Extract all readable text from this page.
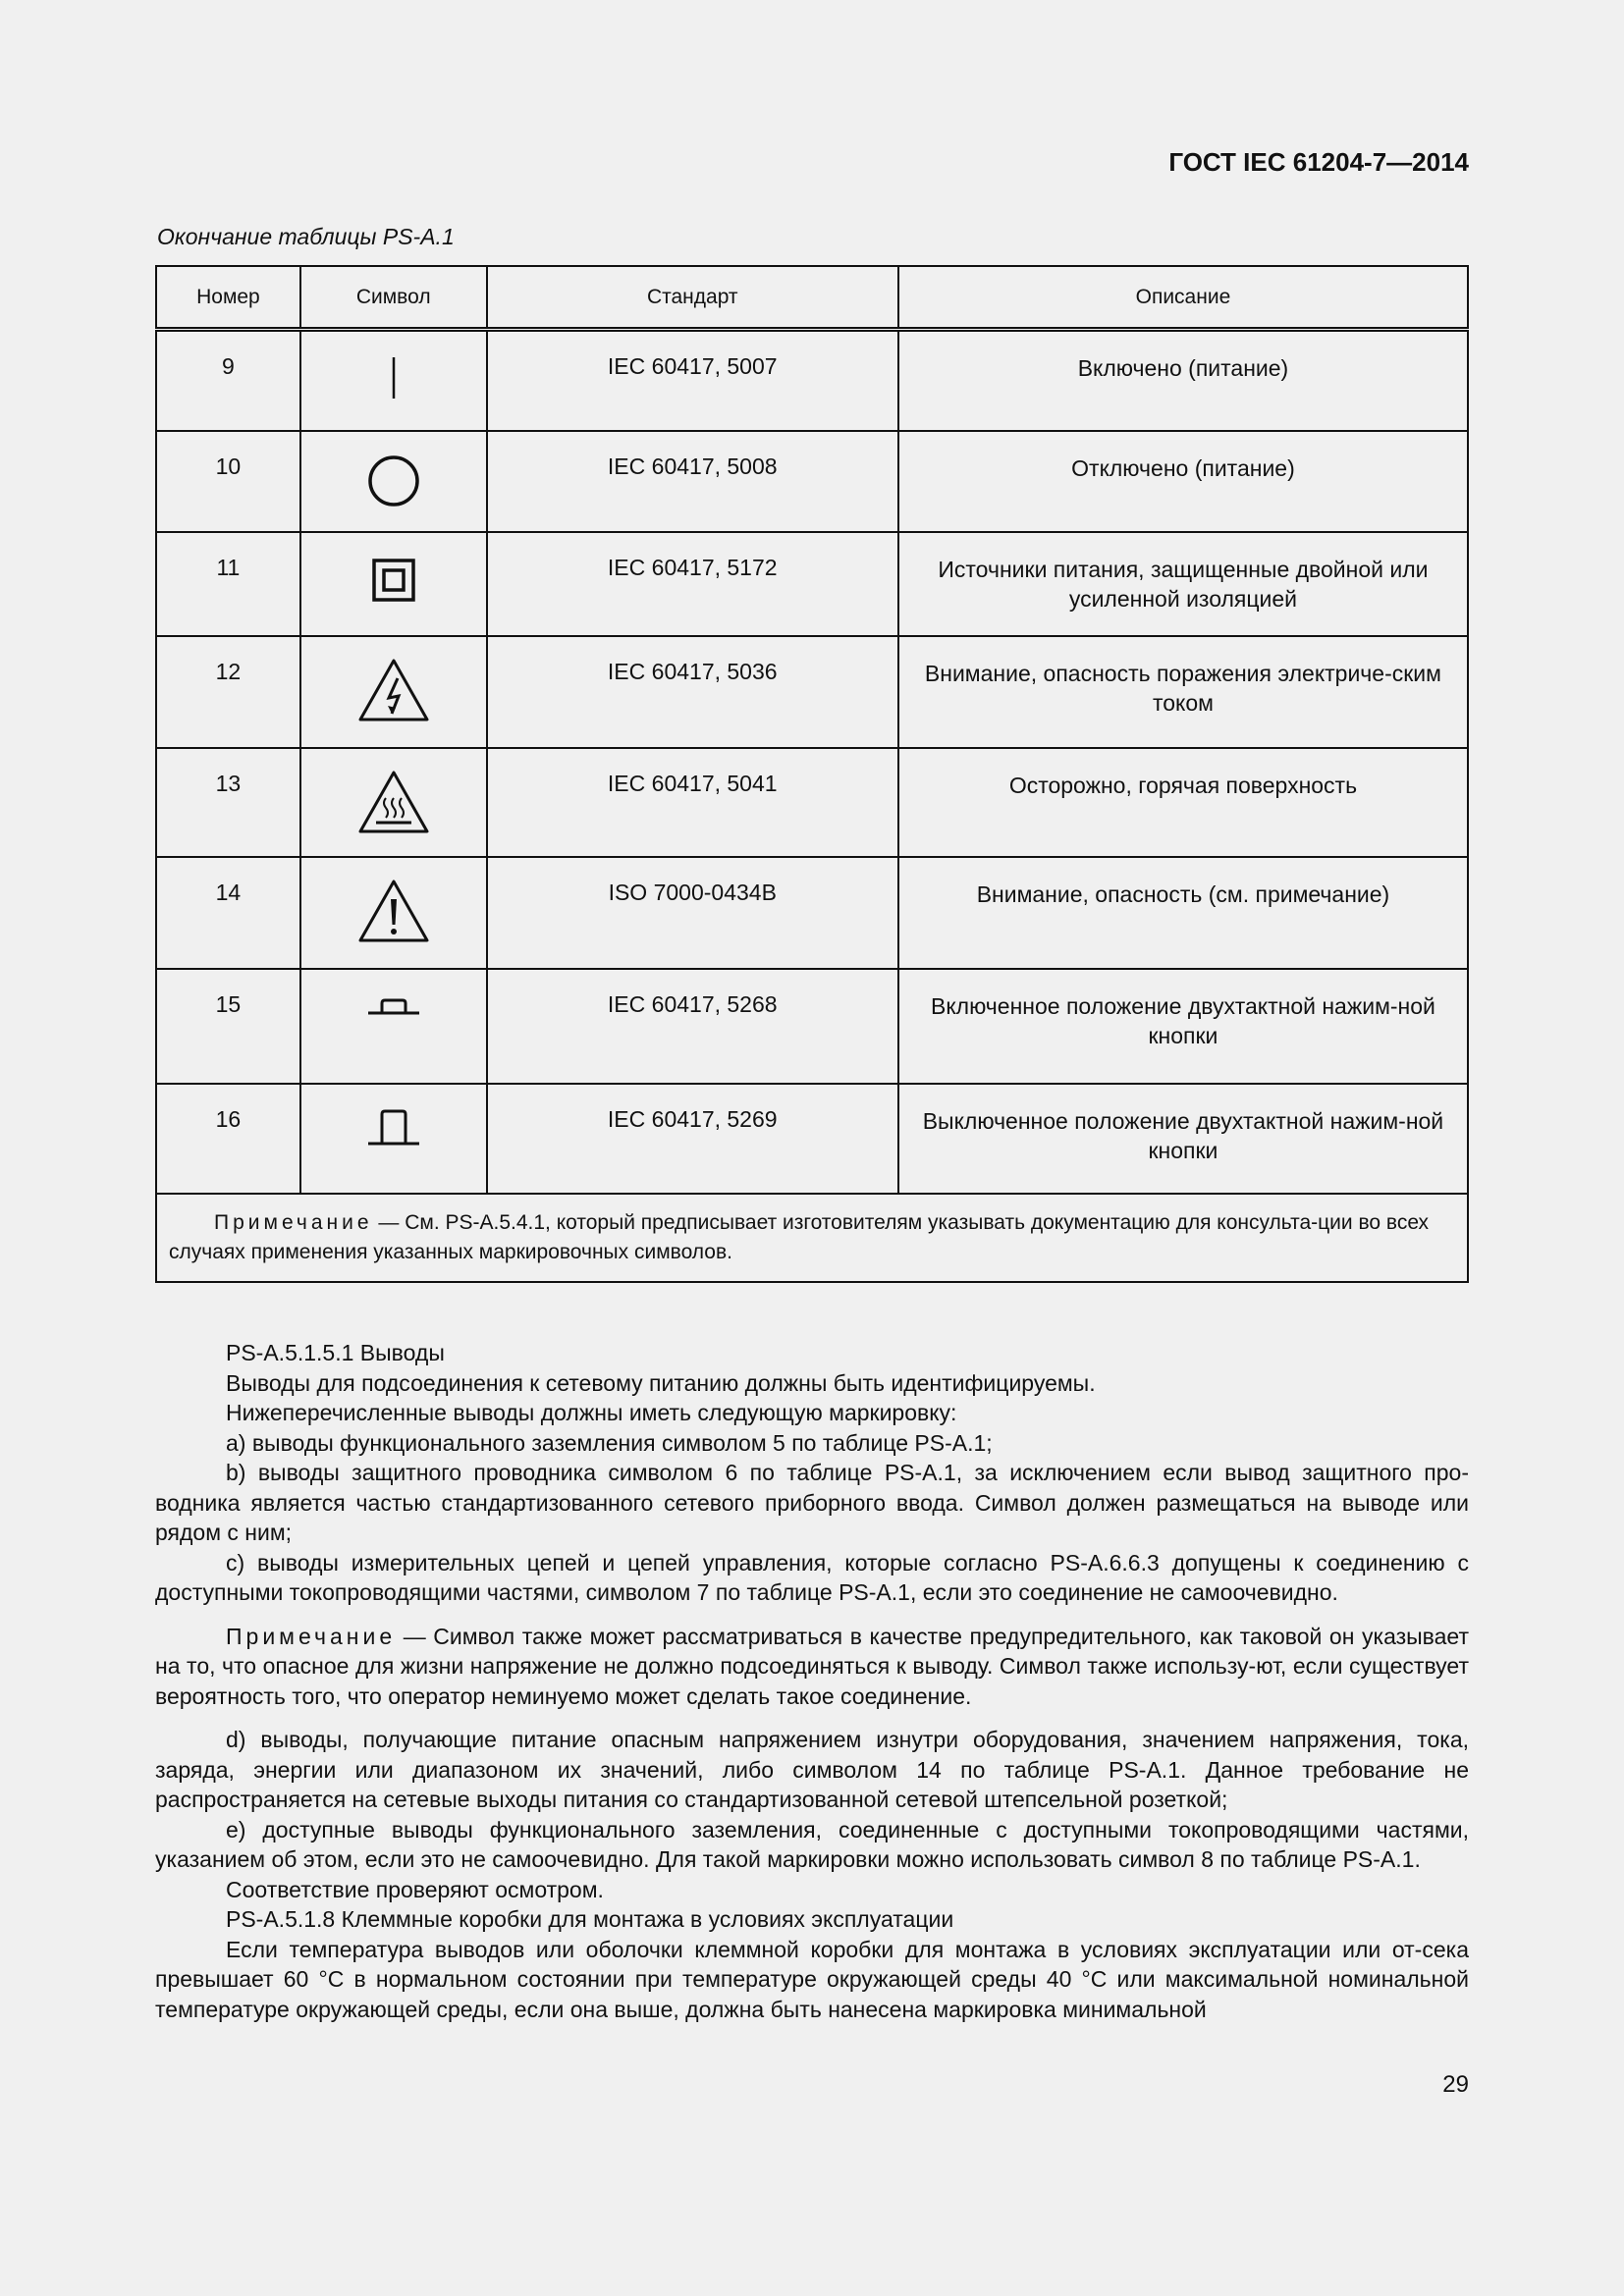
ГОСТ IEC 61204-7—2014
Окончание таблицы PS-A.1
Номер	Символ	Стандарт	Описание
9		IEC 60417, 5007	Включено (питание)
10		IEC 60417, 5008	Отключено (питание)
11		IEC 60417, 5172	Источники питания, защищенные двойной или усиленной изоляцией
12		IEC 60417, 5036	Внимание, опасность поражения электриче-ским током
13		IEC 60417, 5041	Осторожно, горячая поверхность
14		ISO 7000-0434B	Внимание, опасность (см. примечание)
15		IEC 60417, 5268	Включенное положение двухтактной нажим-ной кнопки
16		IEC 60417, 5269	Выключенное положение двухтактной нажим-ной кнопки
Примечание — См. PS-A.5.4.1, который предписывает изготовителям указывать документацию для консульта-ции во всех случаях применения указанных маркировочных символов.			

PS-A.5.1.5.1 Выводы

Выводы для подсоединения к сетевому питанию должны быть идентифицируемы.

Нижеперечисленные выводы должны иметь следующую маркировку:

a) выводы функционального заземления символом 5 по таблице PS-A.1;

b) выводы защитного проводника символом 6 по таблице PS-A.1, за исключением если вывод защитного про-водника является частью стандартизованного сетевого приборного ввода. Символ должен размещаться на выводе или рядом с ним;

c) выводы измерительных цепей и цепей управления, которые согласно PS-A.6.6.3 допущены к соединению с доступными токопроводящими частями, символом 7 по таблице PS-A.1, если это соединение не самоочевидно.

Примечание — Символ также может рассматриваться в качестве предупредительного, как таковой он указывает на то, что опасное для жизни напряжение не должно подсоединяться к выводу. Символ также использу-ют, если существует вероятность того, что оператор неминуемо может сделать такое соединение.

d) выводы, получающие питание опасным напряжением изнутри оборудования, значением напряжения, тока, заряда, энергии или диапазоном их значений, либо символом 14 по таблице PS-A.1. Данное требование не распространяется на сетевые выходы питания со стандартизованной сетевой штепсельной розеткой;

e) доступные выводы функционального заземления, соединенные с доступными токопроводящими частями, указанием об этом, если это не самоочевидно. Для такой маркировки можно использовать символ 8 по таблице PS-A.1.

Соответствие проверяют осмотром.

PS-A.5.1.8 Клеммные коробки для монтажа в условиях эксплуатации

Если температура выводов или оболочки клеммной коробки для монтажа в условиях эксплуатации или от-сека превышает 60 °C в нормальном состоянии при температуре окружающей среды 40 °C или максимальной номинальной температуре окружающей среды, если она выше, должна быть нанесена маркировка минимальной

29
